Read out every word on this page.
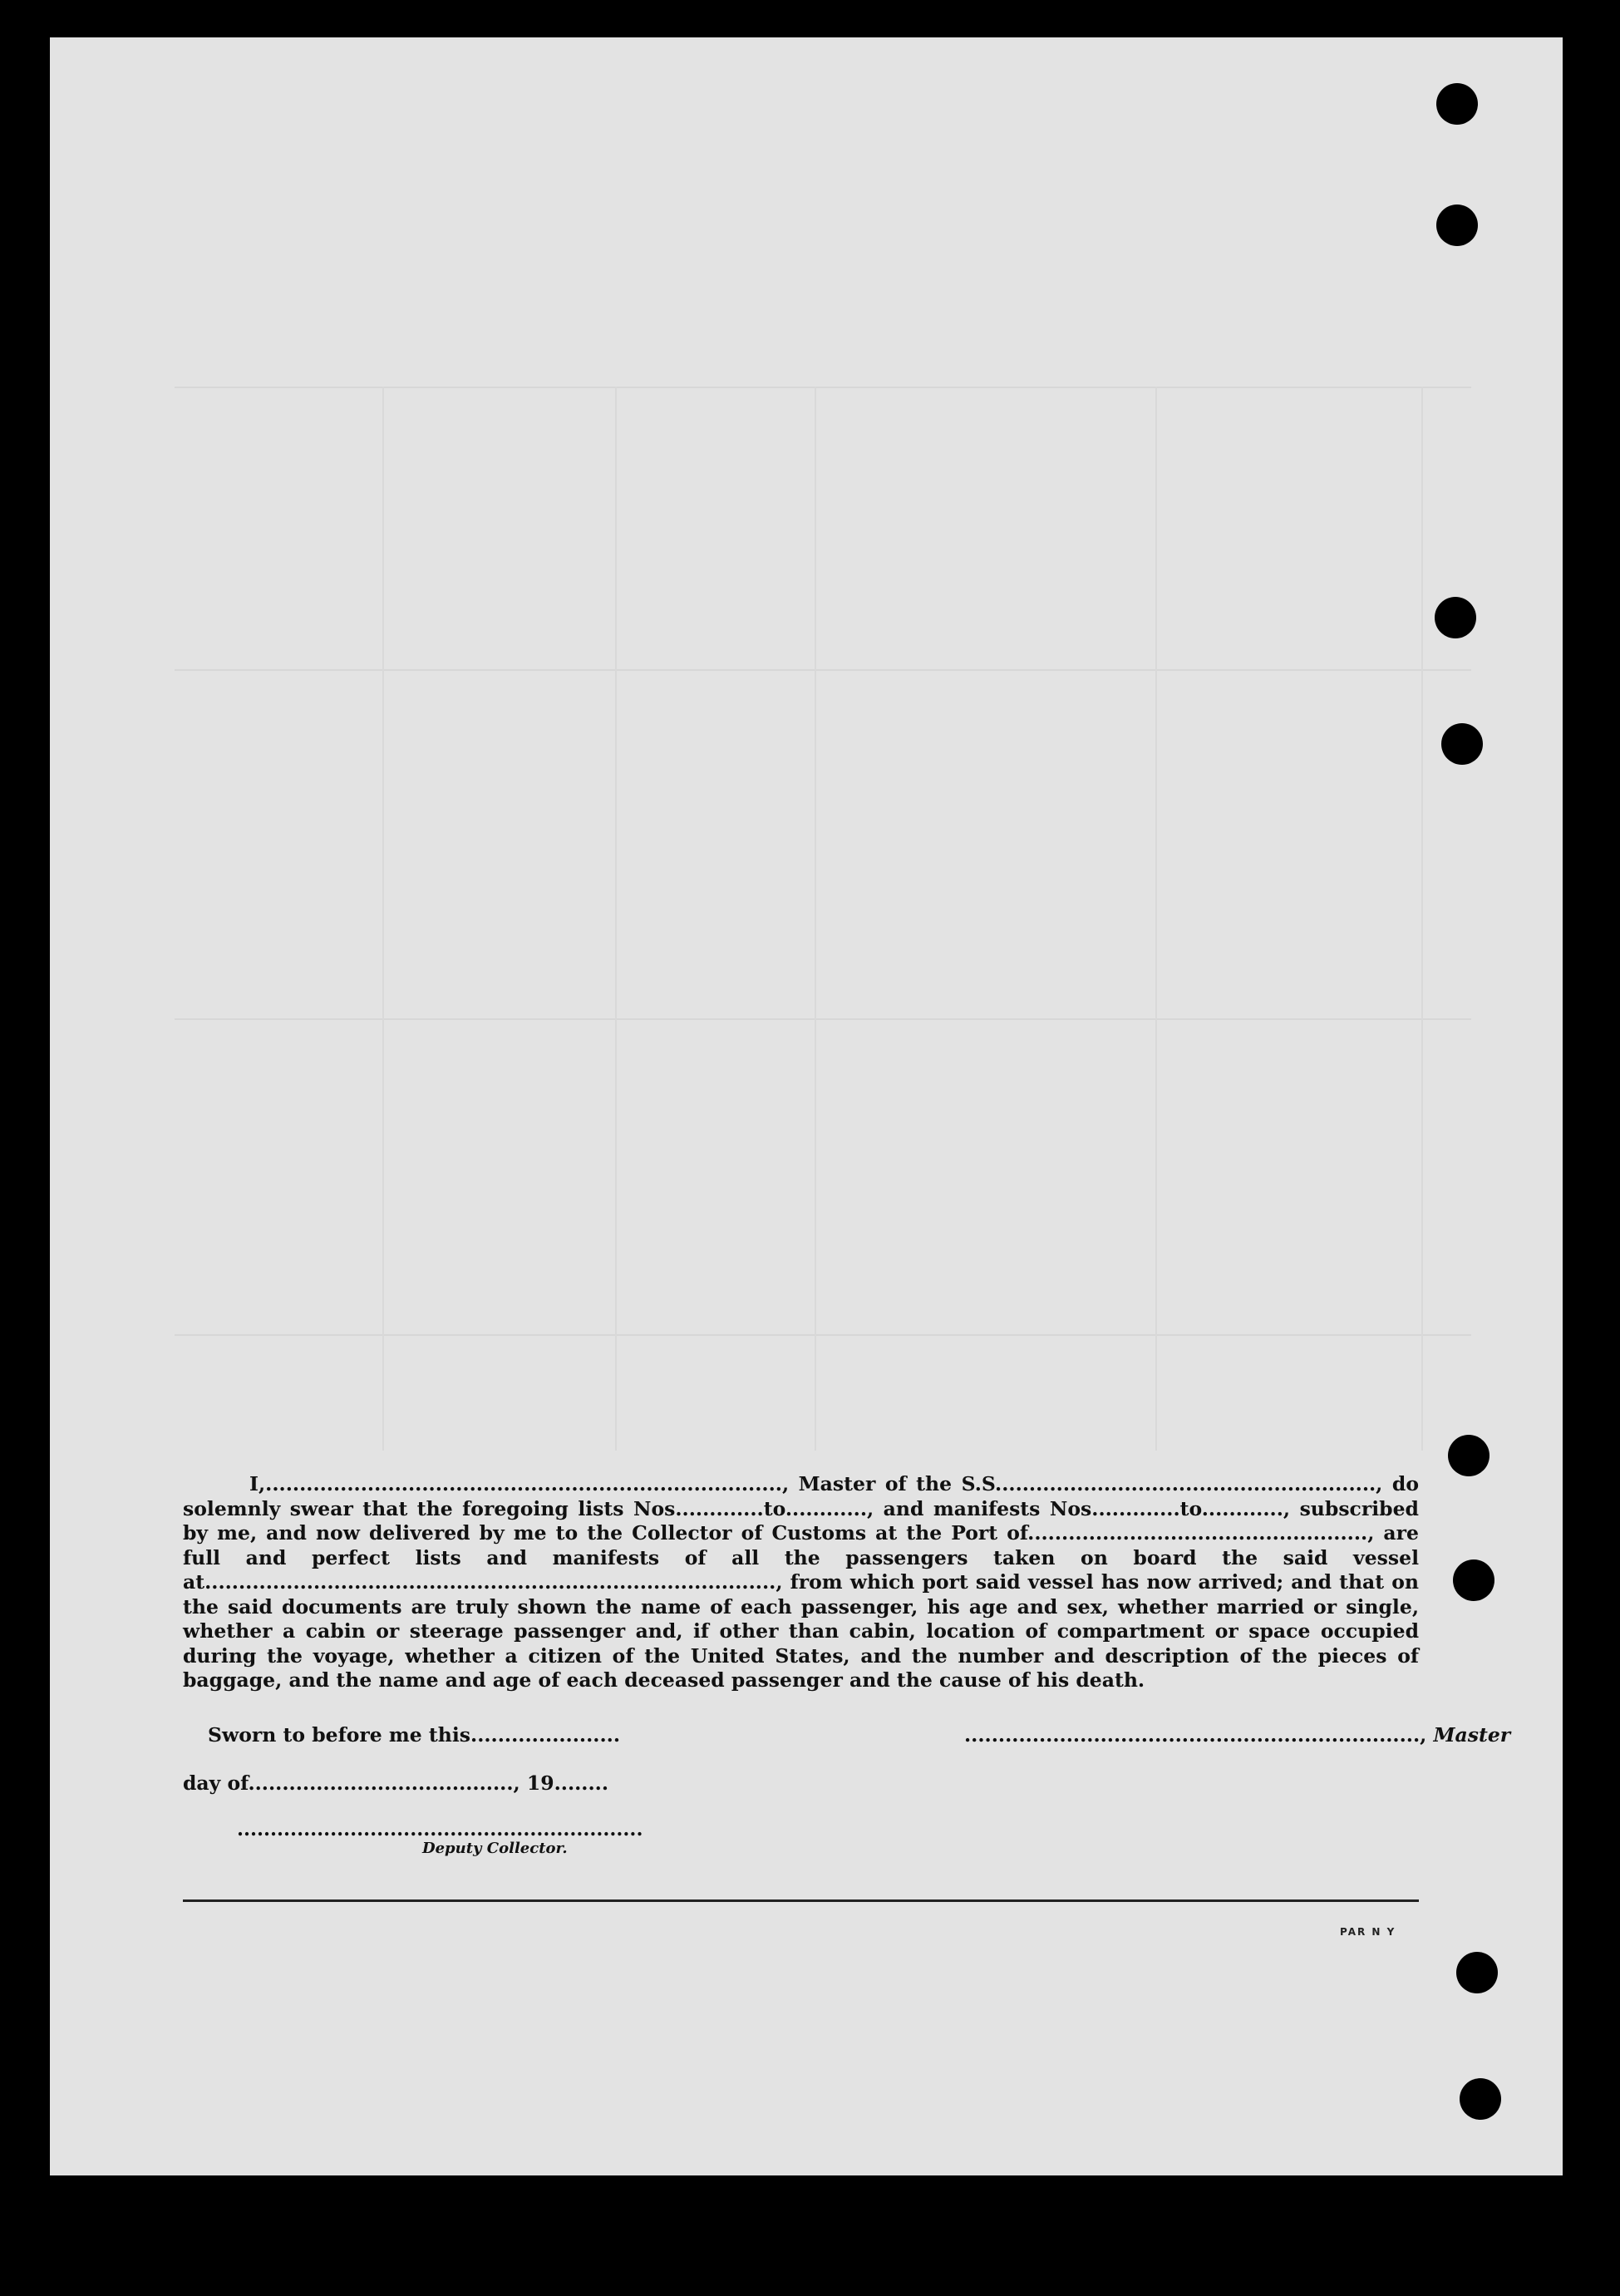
I,............................................................................, Master of the S.S........................................................, do solemnly swear that the foregoing lists Nos.............to............, and manifests Nos.............to............, subscribed by me, and now delivered by me to the Collector of Customs at the Port of.................................................., are full and perfect lists and manifests of all the passengers taken on board the said vessel at...................................................................................., from which port said vessel has now arrived; and that on the said documents are truly shown the name of each passenger, his age and sex, whether married or single, whether a cabin or steerage passenger and, if other than cabin, location of compartment or space occupied during the voyage, whether a citizen of the United States, and the number and description of the pieces of baggage, and the name and age of each deceased passenger and the cause of his death.
Sworn to before me this......................	..................................................................., Master
day of......................................., 19........
.............................................................
Deputy Collector.
PAR N Y
